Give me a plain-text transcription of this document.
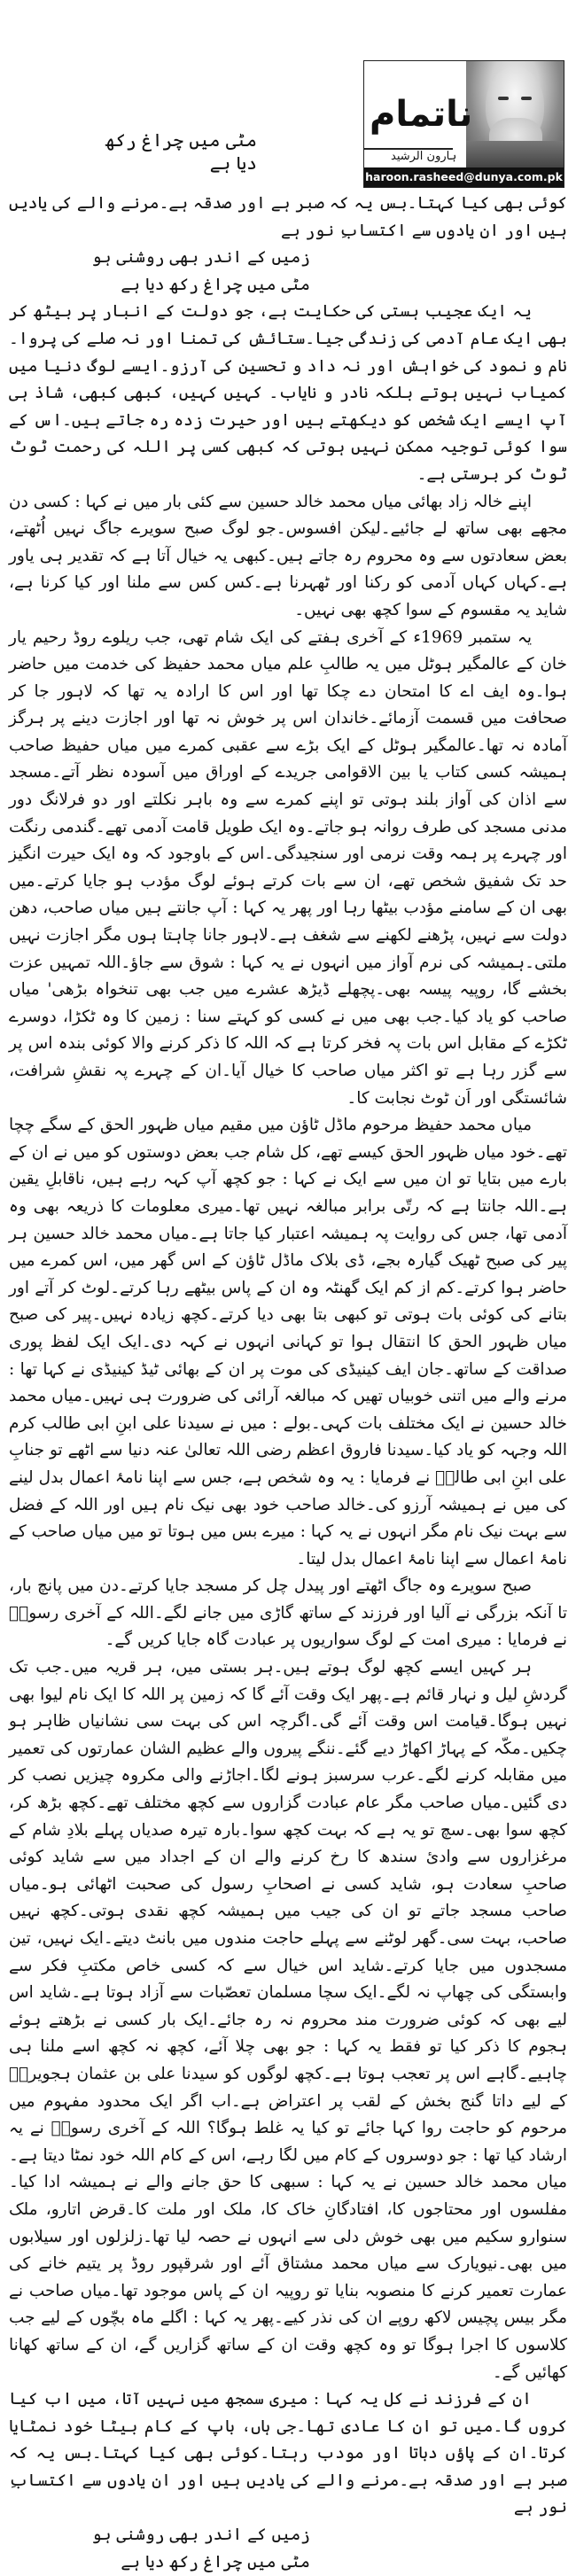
مٹی میں چراغ رکھ دیا ہے
ناتمام
ہارون الرشید
haroon.rasheed@dunya.com.pk

کوئی بھی کیا کہتا۔بس یہ کہ صبر ہے اور صدقہ ہے۔مرنے والے کی یادیں ہیں اور ان یادوں سے اکتسابِ نور ہے

زمیں کے اندر بھی روشنی ہو

مٹی میں چراغ رکھ دیا ہے

یہ ایک عجیب ہستی کی حکایت ہے، جو دولت کے انبار پر بیٹھ کر بھی ایک عام آدمی کی زندگی جیا۔ستائش کی تمنا اور نہ صلے کی پروا۔نام و نمود کی خواہش اور نہ داد و تحسین کی آرزو۔ایسے لوگ دنیا میں کمیاب نہیں ہوتے بلکہ نادر و نایاب۔ کہیں کہیں، کبھی کبھی، شاذ ہی آپ ایسے ایک شخص کو دیکھتے ہیں اور حیرت زدہ رہ جاتے ہیں۔اس کے سوا کوئی توجیہ ممکن نہیں ہوتی کہ کبھی کسی پر اللہ کی رحمت ٹوٹ ٹوٹ کر برستی ہے۔

اپنے خالہ زاد بھائی میاں محمد خالد حسین سے کئی بار میں نے کہا : کسی دن مجھے بھی ساتھ لے جائیے۔لیکن افسوس۔جو لوگ صبح سویرے جاگ نہیں اُٹھتے، بعض سعادتوں سے وہ محروم رہ جاتے ہیں۔کبھی یہ خیال آتا ہے کہ تقدیر ہی یاور ہے۔کہاں کہاں آدمی کو رکنا اور ٹھہرنا ہے۔کس کس سے ملنا اور کیا کرنا ہے، شاید یہ مقسوم کے سوا کچھ بھی نہیں۔

یہ ستمبر 1969ء کے آخری ہفتے کی ایک شام تھی، جب ریلوے روڈ رحیم یار خان کے عالمگیر ہوٹل میں یہ طالبِ علم میاں محمد حفیظ کی خدمت میں حاضر ہوا۔وہ ایف اے کا امتحان دے چکا تھا اور اس کا ارادہ یہ تھا کہ لاہور جا کر صحافت میں قسمت آزمائے۔خاندان اس پر خوش نہ تھا اور اجازت دینے پر ہرگز آمادہ نہ تھا۔عالمگیر ہوٹل کے ایک بڑے سے عقبی کمرے میں میاں حفیظ صاحب ہمیشہ کسی کتاب یا بین الاقوامی جریدے کے اوراق میں آسودہ نظر آتے۔مسجد سے اذان کی آواز بلند ہوتی تو اپنے کمرے سے وہ باہر نکلتے اور دو فرلانگ دور مدنی مسجد کی طرف روانہ ہو جاتے۔وہ ایک طویل قامت آدمی تھے۔گندمی رنگت اور چہرے پر ہمہ وقت نرمی اور سنجیدگی۔اس کے باوجود کہ وہ ایک حیرت انگیز حد تک شفیق شخص تھے، ان سے بات کرتے ہوئے لوگ مؤدب ہو جایا کرتے۔میں بھی ان کے سامنے مؤدب بیٹھا رہا اور پھر یہ کہا : آپ جانتے ہیں میاں صاحب، دھن دولت سے نہیں، پڑھنے لکھنے سے شغف ہے۔لاہور جانا چاہتا ہوں مگر اجازت نہیں ملتی۔ہمیشہ کی نرم آواز میں انہوں نے یہ کہا : شوق سے جاؤ۔اللہ تمہیں عزت بخشے گا، روپیہ پیسہ بھی۔پچھلے ڈیڑھ عشرے میں جب بھی تنخواہ بڑھی' میاں صاحب کو یاد کیا۔جب بھی میں نے کسی کو کہتے سنا : زمین کا وہ ٹکڑا، دوسرے ٹکڑے کے مقابل اس بات پہ فخر کرتا ہے کہ اللہ کا ذکر کرنے والا کوئی بندہ اس پر سے گزر رہا ہے تو اکثر میاں صاحب کا خیال آیا۔ان کے چہرے پہ نقشِ شرافت، شائستگی اور اَن ٹوٹ نجابت کا۔

میاں محمد حفیظ مرحوم ماڈل ٹاؤن میں مقیم میاں ظہور الحق کے سگے چچا تھے۔خود میاں ظہور الحق کیسے تھے، کل شام جب بعض دوستوں کو میں نے ان کے بارے میں بتایا تو ان میں سے ایک نے کہا : جو کچھ آپ کہہ رہے ہیں، ناقابلِ یقین ہے۔اللہ جانتا ہے کہ رتّی برابر مبالغہ نہیں تھا۔میری معلومات کا ذریعہ بھی وہ آدمی تھا، جس کی روایت پہ ہمیشہ اعتبار کیا جاتا ہے۔میاں محمد خالد حسین ہر پیر کی صبح ٹھیک گیارہ بجے، ڈی بلاک ماڈل ٹاؤن کے اس گھر میں، اس کمرے میں حاضر ہوا کرتے۔کم از کم ایک گھنٹہ وہ ان کے پاس بیٹھے رہا کرتے۔لوٹ کر آتے اور بتانے کی کوئی بات ہوتی تو کبھی بتا بھی دیا کرتے۔کچھ زیادہ نہیں۔پیر کی صبح میاں ظہور الحق کا انتقال ہوا تو کہانی انہوں نے کہہ دی۔ایک ایک لفظ پوری صداقت کے ساتھ۔جان ایف کینیڈی کی موت پر ان کے بھائی ٹیڈ کینیڈی نے کہا تھا : مرنے والے میں اتنی خوبیاں تھیں کہ مبالغہ آرائی کی ضرورت ہی نہیں۔میاں محمد خالد حسین نے ایک مختلف بات کہی۔بولے : میں نے سیدنا علی ابنِ ابی طالب کرم اللہ وجہہ کو یاد کیا۔سیدنا فاروق اعظم رضی اللہ تعالیٰ عنہ دنیا سے اٹھے تو جنابِ علی ابنِ ابی طالبؓ نے فرمایا : یہ وہ شخص ہے، جس سے اپنا نامۂ اعمال بدل لینے کی میں نے ہمیشہ آرزو کی۔خالد صاحب خود بھی نیک نام ہیں اور اللہ کے فضل سے بہت نیک نام مگر انہوں نے یہ کہا : میرے بس میں ہوتا تو میں میاں صاحب کے نامۂ اعمال سے اپنا نامۂ اعمال بدل لیتا۔

صبح سویرے وہ جاگ اٹھتے اور پیدل چل کر مسجد جایا کرتے۔دن میں پانچ بار، تا آنکہ بزرگی نے آلیا اور فرزند کے ساتھ گاڑی میں جانے لگے۔اللہ کے آخری رسولؐ نے فرمایا : میری امت کے لوگ سواریوں پر عبادت گاہ جایا کریں گے۔

ہر کہیں ایسے کچھ لوگ ہوتے ہیں۔ہر بستی میں، ہر قریہ میں۔جب تک گردشِ لیل و نہار قائم ہے۔پھر ایک وقت آئے گا کہ زمین پر اللہ کا ایک نام لیوا بھی نہیں ہوگا۔قیامت اس وقت آئے گی۔اگرچہ اس کی بہت سی نشانیاں ظاہر ہو چکیں۔مکّہ کے پہاڑ اکھاڑ دیے گئے۔ننگے پیروں والے عظیم الشان عمارتوں کی تعمیر میں مقابلہ کرنے لگے۔عرب سرسبز ہونے لگا۔اجاڑنے والی مکروہ چیزیں نصب کر دی گئیں۔میاں صاحب مگر عام عبادت گزاروں سے کچھ مختلف تھے۔کچھ بڑھ کر، کچھ سوا بھی۔سچ تو یہ ہے کہ بہت کچھ سوا۔بارہ تیرہ صدیاں پہلے بلادِ شام کے مرغزاروں سے وادیٔ سندھ کا رخ کرنے والے ان کے اجداد میں سے شاید کوئی صاحبِ سعادت ہو، شاید کسی نے اصحابِ رسول کی صحبت اٹھائی ہو۔میاں صاحب مسجد جاتے تو ان کی جیب میں ہمیشہ کچھ نقدی ہوتی۔کچھ نہیں صاحب، بہت سی۔گھر لوٹنے سے پہلے حاجت مندوں میں بانٹ دیتے۔ایک نہیں، تین مسجدوں میں جایا کرتے۔شاید اس خیال سے کہ کسی خاص مکتبِ فکر سے وابستگی کی چھاپ نہ لگے۔ایک سچا مسلمان تعصّبات سے آزاد ہوتا ہے۔شاید اس لیے بھی کہ کوئی ضرورت مند محروم نہ رہ جائے۔ایک بار کسی نے بڑھتے ہوئے ہجوم کا ذکر کیا تو فقط یہ کہا : جو بھی چلا آئے، کچھ نہ کچھ اسے ملنا ہی چاہیے۔گاہے اس پر تعجب ہوتا ہے۔کچھ لوگوں کو سیدنا علی بن عثمان ہجویریؒ کے لیے داتا گنج بخش کے لقب پر اعتراض ہے۔اب اگر ایک محدود مفہوم میں مرحوم کو حاجت روا کہا جائے تو کیا یہ غلط ہوگا؟ اللہ کے آخری رسولؐ نے یہ ارشاد کیا تھا : جو دوسروں کے کام میں لگا رہے، اس کے کام اللہ خود نمٹا دیتا ہے۔میاں محمد خالد حسین نے یہ کہا : سبھی کا حق جانے والے نے ہمیشہ ادا کیا۔مفلسوں اور محتاجوں کا، افتادگانِ خاک کا، ملک اور ملت کا۔قرض اتارو، ملک سنوارو سکیم میں بھی خوش دلی سے انہوں نے حصہ لیا تھا۔زلزلوں اور سیلابوں میں بھی۔نیویارک سے میاں محمد مشتاق آئے اور شرقپور روڈ پر یتیم خانے کی عمارت تعمیر کرنے کا منصوبہ بنایا تو روپیہ ان کے پاس موجود تھا۔میاں صاحب نے مگر بیس پچیس لاکھ روپے ان کی نذر کیے۔پھر یہ کہا : اگلے ماہ بچّوں کے لیے جب کلاسوں کا اجرا ہوگا تو وہ کچھ وقت ان کے ساتھ گزاریں گے، ان کے ساتھ کھانا کھائیں گے۔

ان کے فرزند نے کل یہ کہا : میری سمجھ میں نہیں آتا، میں اب کیا کروں گا۔میں تو ان کا عادی تھا۔جی ہاں، باپ کے کام بیٹا خود نمٹایا کرتا۔ان کے پاؤں دباتا اور مودب رہتا۔کوئی بھی کیا کہتا۔بس یہ کہ صبر ہے اور صدقہ ہے۔مرنے والے کی یادیں ہیں اور ان یادوں سے اکتسابِ نور ہے

زمیں کے اندر بھی روشنی ہو

مٹی میں چراغ رکھ دیا ہے
